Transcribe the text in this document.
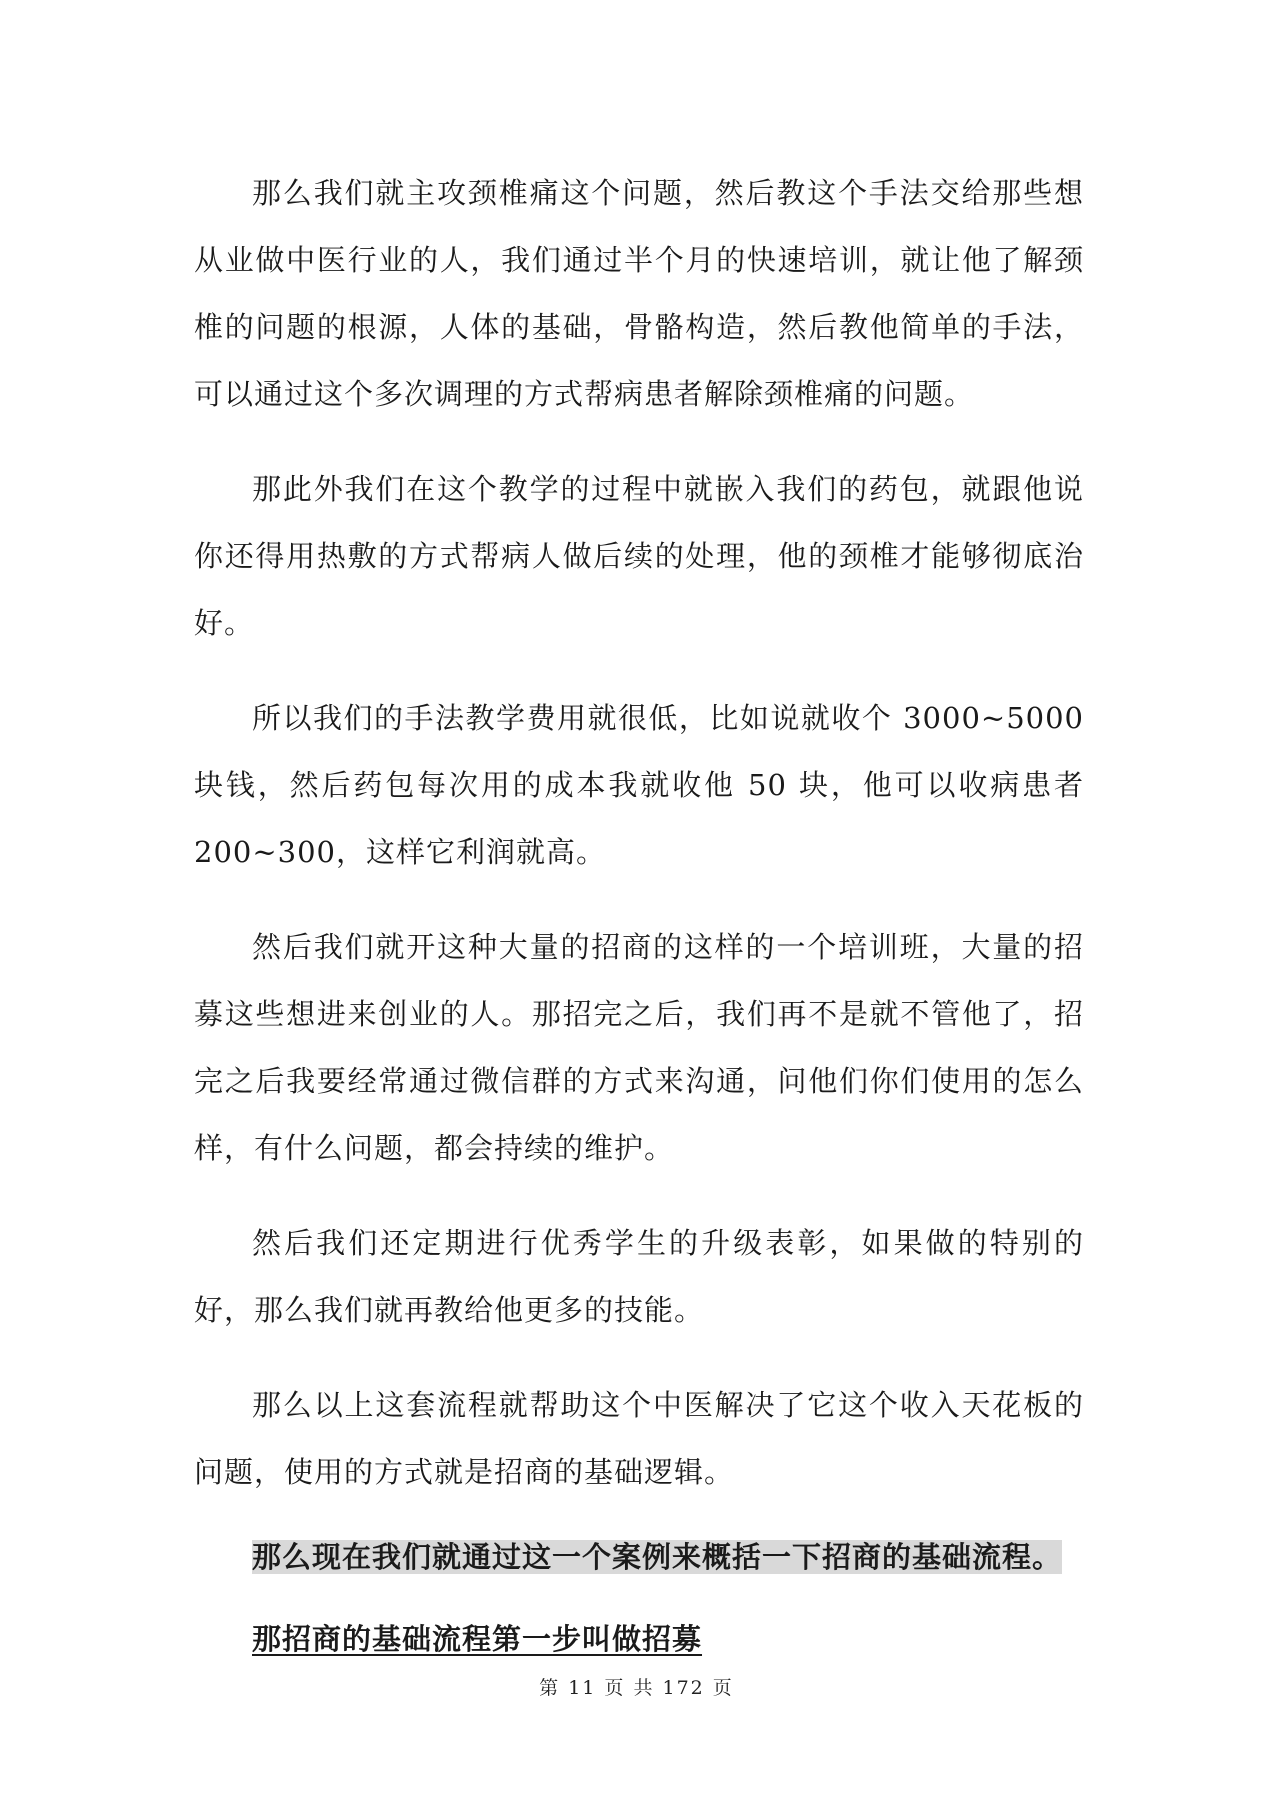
那么我们就主攻颈椎痛这个问题，然后教这个手法交给那些想从业做中医行业的人，我们通过半个月的快速培训，就让他了解颈椎的问题的根源，人体的基础，骨骼构造，然后教他简单的手法，可以通过这个多次调理的方式帮病患者解除颈椎痛的问题。

那此外我们在这个教学的过程中就嵌入我们的药包，就跟他说你还得用热敷的方式帮病人做后续的处理，他的颈椎才能够彻底治好。

所以我们的手法教学费用就很低，比如说就收个 3000~5000 块钱，然后药包每次用的成本我就收他 50 块，他可以收病患者 200~300，这样它利润就高。

然后我们就开这种大量的招商的这样的一个培训班，大量的招募这些想进来创业的人。那招完之后，我们再不是就不管他了，招完之后我要经常通过微信群的方式来沟通，问他们你们使用的怎么样，有什么问题，都会持续的维护。

然后我们还定期进行优秀学生的升级表彰，如果做的特别的好，那么我们就再教给他更多的技能。

那么以上这套流程就帮助这个中医解决了它这个收入天花板的问题，使用的方式就是招商的基础逻辑。

那么现在我们就通过这一个案例来概括一下招商的基础流程。

那招商的基础流程第一步叫做招募

第 11 页 共 172 页
